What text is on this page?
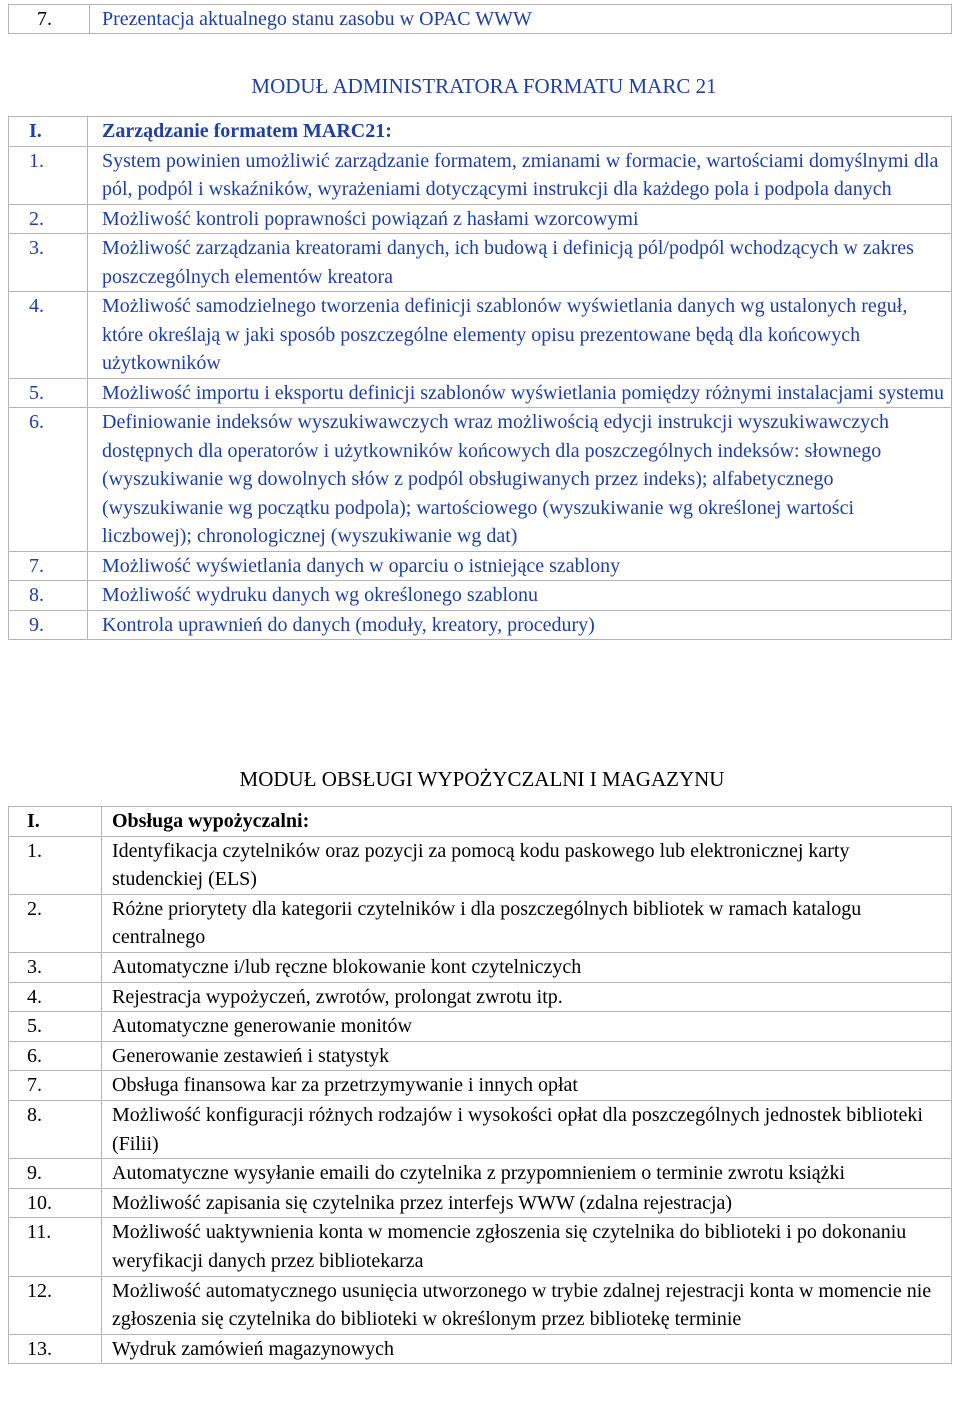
7.	Prezentacja aktualnego stanu zasobu w OPAC WWW
MODUŁ ADMINISTRATORA FORMATU MARC 21
I.	Zarządzanie formatem MARC21:
1.	System powinien umożliwić zarządzanie formatem, zmianami w formacie, wartościami domyślnymi dla pól, podpól i wskaźników, wyrażeniami dotyczącymi instrukcji dla każdego pola i podpola danych
2.	Możliwość kontroli poprawności powiązań z hasłami wzorcowymi
3.	Możliwość zarządzania kreatorami danych, ich budową i definicją pól/podpól wchodzących w zakres poszczególnych elementów kreatora
4.	Możliwość samodzielnego tworzenia definicji szablonów wyświetlania danych wg ustalonych reguł, które określają w jaki sposób poszczególne elementy opisu prezentowane będą dla końcowych użytkowników
5.	Możliwość importu i eksportu definicji szablonów wyświetlania pomiędzy różnymi instalacjami systemu
6.	Definiowanie indeksów wyszukiwawczych wraz możliwością edycji instrukcji wyszukiwawczych dostępnych dla operatorów i użytkowników końcowych dla poszczególnych indeksów: słownego (wyszukiwanie wg dowolnych słów z podpól obsługiwanych przez indeks); alfabetycznego (wyszukiwanie wg początku podpola); wartościowego (wyszukiwanie wg określonej wartości liczbowej); chronologicznej (wyszukiwanie wg dat)
7.	Możliwość wyświetlania danych w oparciu o istniejące szablony
8.	Możliwość wydruku danych wg określonego szablonu
9.	Kontrola uprawnień do danych (moduły, kreatory, procedury)
MODUŁ OBSŁUGI WYPOŻYCZALNI I MAGAZYNU
I.	Obsługa wypożyczalni:
1.	Identyfikacja czytelników oraz pozycji za pomocą kodu paskowego lub elektronicznej karty studenckiej (ELS)
2.	Różne priorytety dla kategorii czytelników i dla poszczególnych bibliotek w ramach katalogu centralnego
3.	Automatyczne i/lub ręczne blokowanie kont czytelniczych
4.	Rejestracja wypożyczeń, zwrotów, prolongat zwrotu itp.
5.	Automatyczne generowanie monitów
6.	Generowanie zestawień i statystyk
7.	Obsługa finansowa kar za przetrzymywanie i innych opłat
8.	Możliwość konfiguracji różnych rodzajów i wysokości opłat dla poszczególnych jednostek biblioteki (Filii)
9.	Automatyczne wysyłanie emaili do czytelnika z przypomnieniem o terminie zwrotu książki
10.	Możliwość zapisania się czytelnika przez interfejs WWW (zdalna rejestracja)
11.	Możliwość uaktywnienia konta w momencie zgłoszenia się czytelnika do biblioteki i po dokonaniu weryfikacji danych przez bibliotekarza
12.	Możliwość automatycznego usunięcia utworzonego w trybie zdalnej rejestracji konta w momencie nie zgłoszenia się czytelnika do biblioteki w określonym przez bibliotekę terminie
13.	Wydruk zamówień magazynowych
